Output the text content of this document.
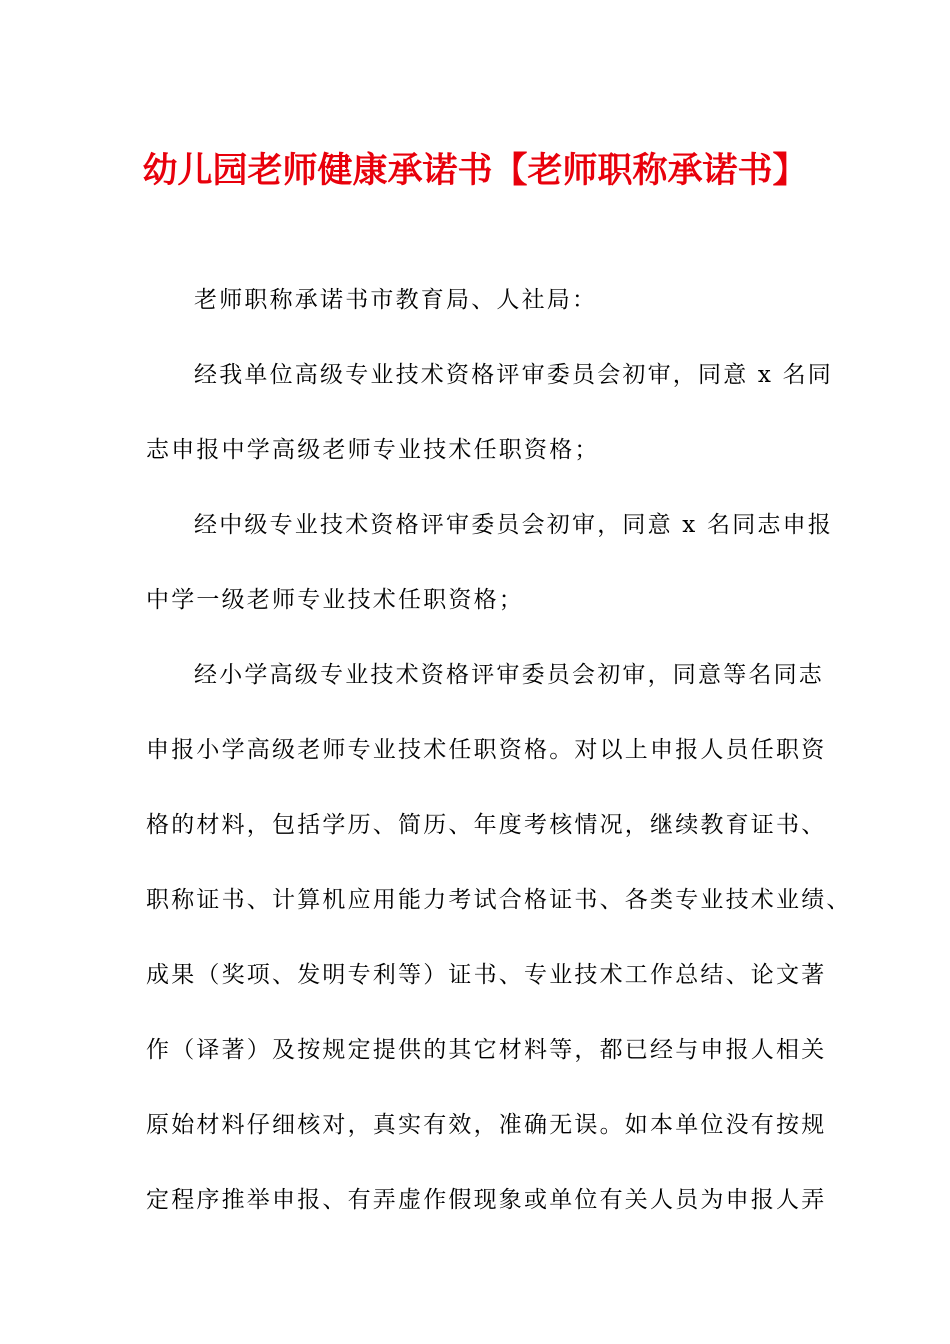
幼儿园老师健康承诺书【老师职称承诺书】
老师职称承诺书市教育局、人社局：
经我单位高级专业技术资格评审委员会初审，同意 x 名同
志申报中学高级老师专业技术任职资格；
经中级专业技术资格评审委员会初审，同意 x 名同志申报
中学一级老师专业技术任职资格；
经小学高级专业技术资格评审委员会初审，同意等名同志
申报小学高级老师专业技术任职资格。对以上申报人员任职资
格的材料，包括学历、简历、年度考核情况，继续教育证书、
职称证书、计算机应用能力考试合格证书、各类专业技术业绩、
成果（奖项、发明专利等）证书、专业技术工作总结、论文著
作（译著）及按规定提供的其它材料等，都已经与申报人相关
原始材料仔细核对，真实有效，准确无误。如本单位没有按规
定程序推举申报、有弄虚作假现象或单位有关人员为申报人弄
